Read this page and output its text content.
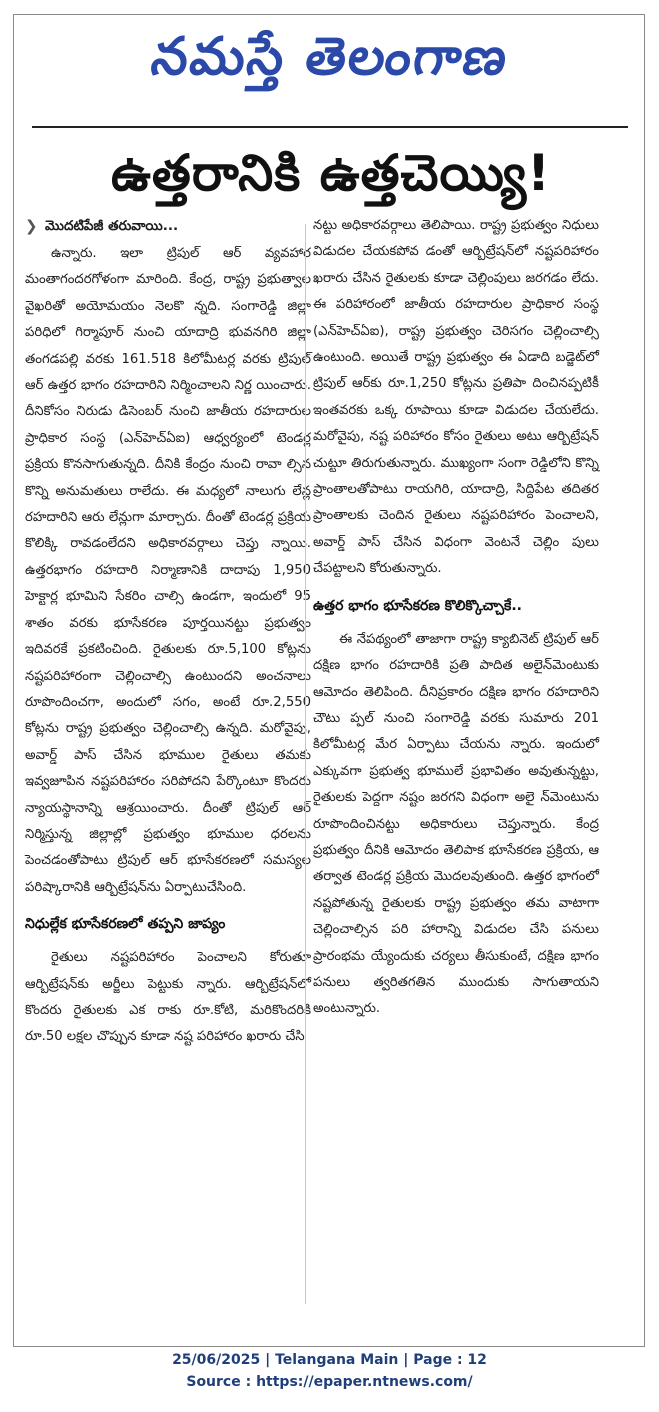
నమస్తే తెలంగాణ
ఉత్తరానికి ఉత్తచెయ్యి!
❯ మొదటిపేజీ తరువాయి...

ఉన్నారు. ఇలా ట్రిపుల్ ఆర్ వ్యవహార మంతాగందరగోళంగా మారింది. కేంద్ర, రాష్ట్ర ప్రభుత్వాల వైఖరితో అయోమయం నెలకొ న్నది. సంగారెడ్డి జిల్లా పరిధిలో గిర్మాపూర్ నుంచి యాదాద్రి భువనగిరి జిల్లా తంగడపల్లి వరకు 161.518 కిలోమీటర్ల వరకు ట్రిపుల్ ఆర్ ఉత్తర భాగం రహదారిని నిర్మించాలని నిర్ణ యించారు. దీనికోసం నిరుడు డిసెంబర్ నుంచి జాతీయ రహదారుల ప్రాధికార సంస్థ (ఎన్‌హెచ్ఏఐ) ఆధ్వర్యంలో టెండర్ల ప్రక్రియ కొనసాగుతున్నది. దీనికి కేంద్రం నుంచి రావా ల్సిన కొన్ని అనుమతులు రాలేదు. ఈ మధ్యలో నాలుగు లేన్ల రహదారిని ఆరు లేన్లుగా మార్చారు. దీంతో టెండర్ల ప్రక్రియ కొలిక్కి రావడంలేదని అధికారవర్గాలు చెప్తు న్నాయి. ఉత్తరభాగం రహదారి నిర్మాణానికి దాదాపు 1,950 హెక్టార్ల భూమిని సేకరిం చాల్సి ఉండగా, ఇందులో 95 శాతం వరకు భూసేకరణ పూర్తయినట్టు ప్రభుత్వం ఇదివరకే ప్రకటించింది. రైతులకు రూ.5,100 కోట్లను నష్టపరిహారంగా చెల్లించాల్సి ఉంటుందని అంచనాలు రూపొందించగా, అందులో సగం, అంటే రూ.2,550 కోట్లను రాష్ట్ర ప్రభుత్వం చెల్లించాల్సి ఉన్నది. మరోవైపు, అవార్డ్ పాస్ చేసిన భూముల రైతులు తమకు ఇవ్వజూపిన నష్టపరిహారం సరిపోదని పేర్కొంటూ కొందరు న్యాయస్థానాన్ని ఆశ్రయించారు. దీంతో ట్రిపుల్ ఆర్ నిర్మిస్తున్న జిల్లాల్లో ప్రభుత్వం భూముల ధరలను పెంచడంతోపాటు ట్రిపుల్ ఆర్ భూసేకరణలో సమస్యల పరిష్కారానికి ఆర్బిట్రేషన్‌ను ఏర్పాటుచేసింది.

నిధుల్లేక భూసేకరణలో తప్పని జాప్యం

రైతులు నష్టపరిహారం పెంచాలని కోరుతూ ఆర్బిట్రేషన్‌కు అర్జీలు పెట్టుకు న్నారు. ఆర్బిట్రేషన్‌లో కొందరు రైతులకు ఎక రాకు రూ.కోటి, మరికొందరికి రూ.50 లక్షల చొప్పున కూడా నష్ట పరిహారం ఖరారు చేసి

నట్టు అధికారవర్గాలు తెలిపాయి. రాష్ట్ర ప్రభుత్వం నిధులు విడుదల చేయకపోవ డంతో ఆర్బిట్రేషన్‌లో నష్టపరిహారం ఖరారు చేసిన రైతులకు కూడా చెల్లింపులు జరగడం లేదు. ఈ పరిహారంలో జాతీయ రహదారుల ప్రాధికార సంస్థ (ఎన్‌హెచ్ఏఐ), రాష్ట్ర ప్రభుత్వం చెరిసగం చెల్లించాల్సి ఉంటుంది. అయితే రాష్ట్ర ప్రభుత్వం ఈ ఏడాది బడ్జెట్‌లో ట్రిపుల్ ఆర్‌కు రూ.1,250 కోట్లను ప్రతిపా దించినప్పటికీ ఇంతవరకు ఒక్క రూపాయి కూడా విడుదల చేయలేదు. మరోవైపు, నష్ట పరిహారం కోసం రైతులు అటు ఆర్బిట్రేషన్ చుట్టూ తిరుగుతున్నారు. ముఖ్యంగా సంగా రెడ్డిలోని కొన్ని ప్రాంతాలతోపాటు రాయగిరి, యాదాద్రి, సిద్దిపేట తదితర ప్రాంతాలకు చెందిన రైతులు నష్టపరిహారం పెంచాలని, అవార్డ్ పాస్ చేసిన విధంగా వెంటనే చెల్లిం పులు చేపట్టాలని కోరుతున్నారు.

ఉత్తర భాగం భూసేకరణ కొలిక్కొచ్చాకే..

ఈ నేపథ్యంలో తాజాగా రాష్ట్ర క్యాబినెట్ ట్రిపుల్ ఆర్ దక్షిణ భాగం రహదారికి ప్రతి పాదిత అలైన్‌మెంటుకు ఆమోదం తెలిపింది. దీనిప్రకారం దక్షిణ భాగం రహదారిని చౌటు ప్పల్ నుంచి సంగారెడ్డి వరకు సుమారు 201 కిలోమీటర్ల మేర ఏర్పాటు చేయను న్నారు. ఇందులో ఎక్కువగా ప్రభుత్వ భూములే ప్రభావితం అవుతున్నట్టు, రైతులకు పెద్దగా నష్టం జరగని విధంగా అలై న్‌మెంటును రూపొందించినట్టు అధికారులు చెప్తున్నారు. కేంద్ర ప్రభుత్వం దీనికి ఆమోదం తెలిపాక భూసేకరణ ప్రక్రియ, ఆ తర్వాత టెండర్ల ప్రక్రియ మొదలవుతుంది. ఉత్తర భాగంలో నష్టపోతున్న రైతులకు రాష్ట్ర ప్రభుత్వం తమ వాటాగా చెల్లించాల్సిన పరి హారాన్ని విడుదల చేసి పనులు ప్రారంభమ య్యేందుకు చర్యలు తీసుకుంటే, దక్షిణ భాగం పనులు త్వరితగతిన ముందుకు సాగుతాయని అంటున్నారు.

25/06/2025 | Telangana Main | Page : 12
Source : https://epaper.ntnews.com/
